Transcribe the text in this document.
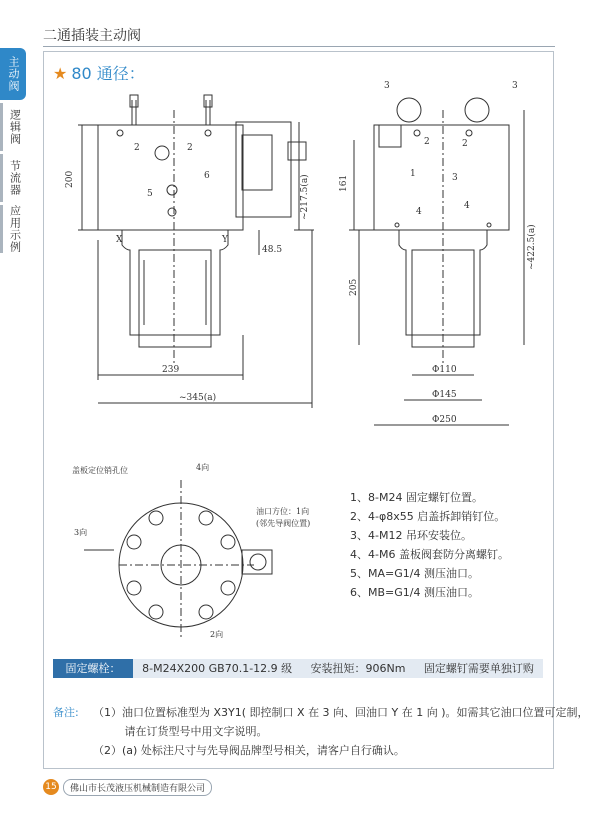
二通插装主动阀
主动阀
逻辑阀
节流器
应用示例
★ 80 通径：
2	2
6
5
X	Y
200	~217.5(a)
48.5
239
~345(a)
3	3
2
1
2
3
4
4
161
205
~422.5(a)
Φ110
Φ145
Φ250
盖板定位销孔位	4向
3向
2向
油口方位：1向
(邻先导阀位置)
1、8-M24 固定螺钉位置。
2、4-φ8x55 启盖拆卸销钉位。
3、4-M12 吊环安装位。
4、4-M6 盖板阀套防分离螺钉。
5、MA=G1/4 测压油口。
6、MB=G1/4 测压油口。
固定螺栓：	8-M24X200 GB70.1-12.9 级 安装扭矩：906Nm 固定螺钉需要单独订购
备注:	（1）油口位置标准型为 X3Y1( 即控制口 X 在 3 向、回油口 Y 在 1 向 )。如需其它油口位置可定制，
请在订货型号中用文字说明。
（2）(a) 处标注尺寸与先导阀品牌型号相关，请客户自行确认。
15	佛山市长茂液压机械制造有限公司
